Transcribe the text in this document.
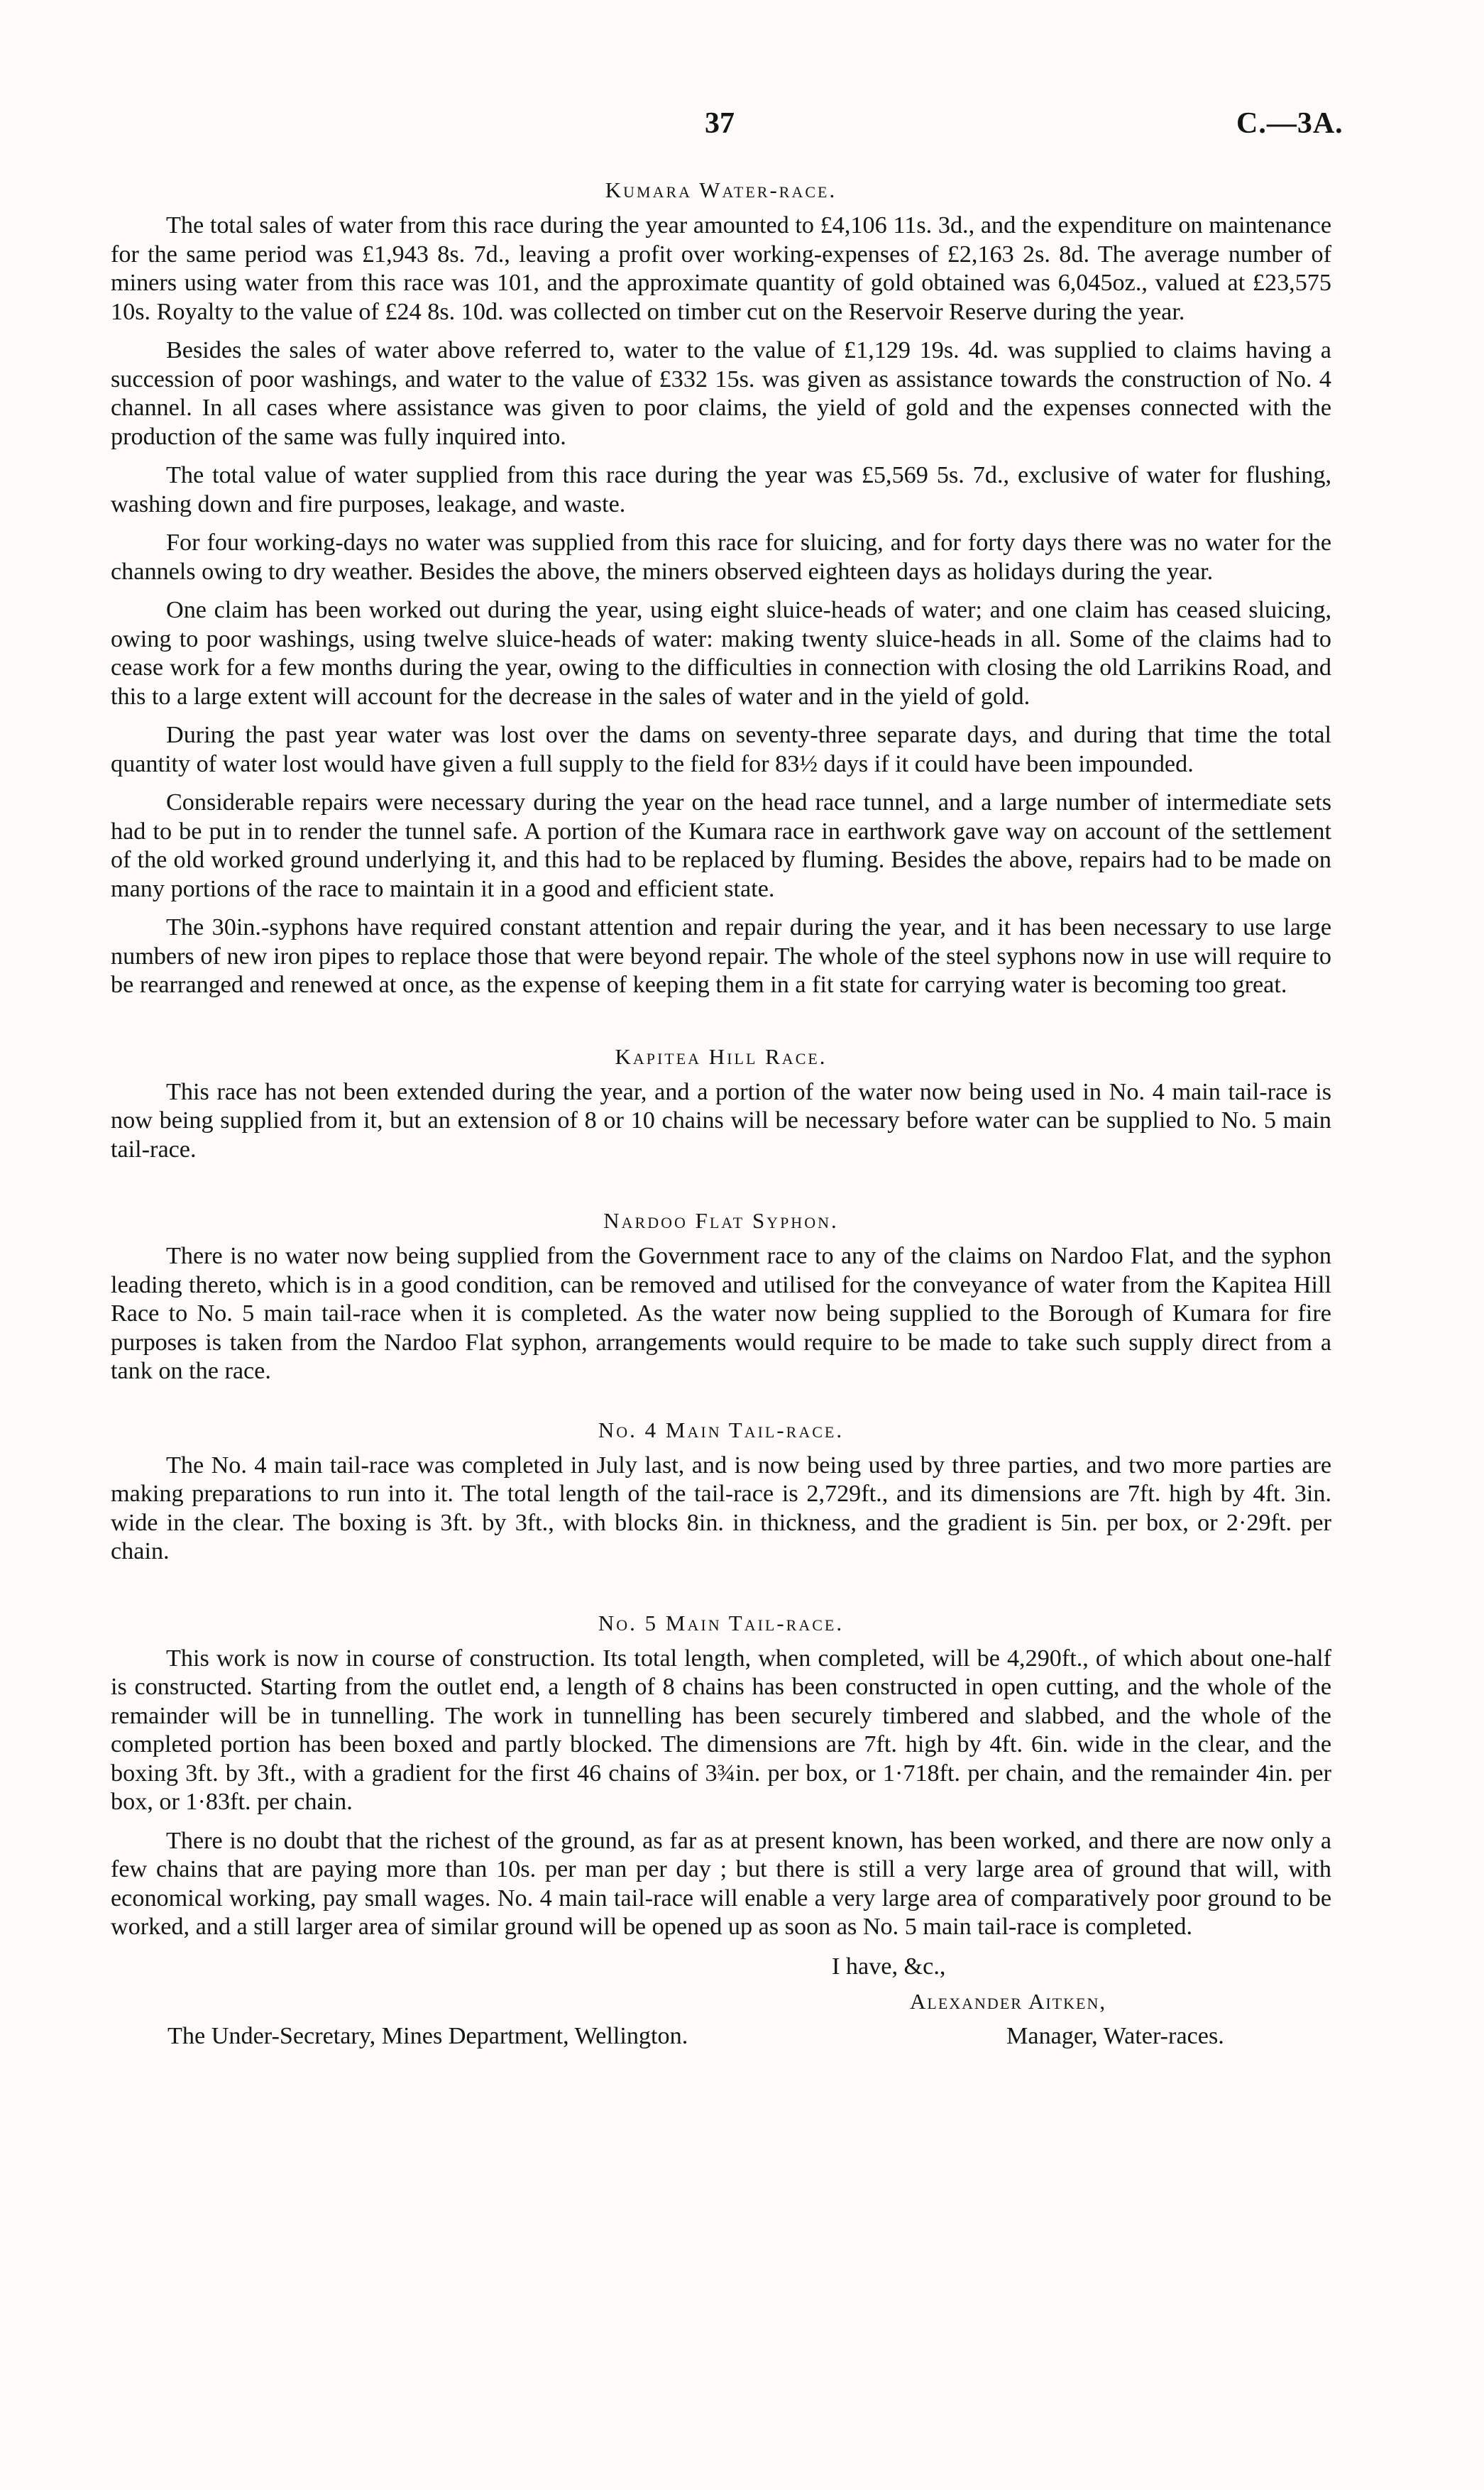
37	C.—3A.
Kumara Water-race.

The total sales of water from this race during the year amounted to £4,106 11s. 3d., and the expenditure on maintenance for the same period was £1,943 8s. 7d., leaving a profit over working-expenses of £2,163 2s. 8d. The average number of miners using water from this race was 101, and the approximate quantity of gold obtained was 6,045oz., valued at £23,575 10s. Royalty to the value of £24 8s. 10d. was collected on timber cut on the Reservoir Reserve during the year.

Besides the sales of water above referred to, water to the value of £1,129 19s. 4d. was supplied to claims having a succession of poor washings, and water to the value of £332 15s. was given as assistance towards the construction of No. 4 channel. In all cases where assistance was given to poor claims, the yield of gold and the expenses connected with the production of the same was fully inquired into.

The total value of water supplied from this race during the year was £5,569 5s. 7d., exclusive of water for flushing, washing down and fire purposes, leakage, and waste.

For four working-days no water was supplied from this race for sluicing, and for forty days there was no water for the channels owing to dry weather. Besides the above, the miners observed eighteen days as holidays during the year.

One claim has been worked out during the year, using eight sluice-heads of water; and one claim has ceased sluicing, owing to poor washings, using twelve sluice-heads of water: making twenty sluice-heads in all. Some of the claims had to cease work for a few months during the year, owing to the difficulties in connection with closing the old Larrikins Road, and this to a large extent will account for the decrease in the sales of water and in the yield of gold.

During the past year water was lost over the dams on seventy-three separate days, and during that time the total quantity of water lost would have given a full supply to the field for 83½ days if it could have been impounded.

Considerable repairs were necessary during the year on the head race tunnel, and a large number of intermediate sets had to be put in to render the tunnel safe. A portion of the Kumara race in earthwork gave way on account of the settlement of the old worked ground underlying it, and this had to be replaced by fluming. Besides the above, repairs had to be made on many portions of the race to maintain it in a good and efficient state.

The 30in.-syphons have required constant attention and repair during the year, and it has been necessary to use large numbers of new iron pipes to replace those that were beyond repair. The whole of the steel syphons now in use will require to be rearranged and renewed at once, as the expense of keeping them in a fit state for carrying water is becoming too great.

Kapitea Hill Race.

This race has not been extended during the year, and a portion of the water now being used in No. 4 main tail-race is now being supplied from it, but an extension of 8 or 10 chains will be necessary before water can be supplied to No. 5 main tail-race.

Nardoo Flat Syphon.

There is no water now being supplied from the Government race to any of the claims on Nardoo Flat, and the syphon leading thereto, which is in a good condition, can be removed and utilised for the conveyance of water from the Kapitea Hill Race to No. 5 main tail-race when it is completed. As the water now being supplied to the Borough of Kumara for fire purposes is taken from the Nardoo Flat syphon, arrangements would require to be made to take such supply direct from a tank on the race.

No. 4 Main Tail-race.

The No. 4 main tail-race was completed in July last, and is now being used by three parties, and two more parties are making preparations to run into it. The total length of the tail-race is 2,729ft., and its dimensions are 7ft. high by 4ft. 3in. wide in the clear. The boxing is 3ft. by 3ft., with blocks 8in. in thickness, and the gradient is 5in. per box, or 2·29ft. per chain.

No. 5 Main Tail-race.

This work is now in course of construction. Its total length, when completed, will be 4,290ft., of which about one-half is constructed. Starting from the outlet end, a length of 8 chains has been constructed in open cutting, and the whole of the remainder will be in tunnelling. The work in tunnelling has been securely timbered and slabbed, and the whole of the completed portion has been boxed and partly blocked. The dimensions are 7ft. high by 4ft. 6in. wide in the clear, and the boxing 3ft. by 3ft., with a gradient for the first 46 chains of 3¾in. per box, or 1·718ft. per chain, and the remainder 4in. per box, or 1·83ft. per chain.

There is no doubt that the richest of the ground, as far as at present known, has been worked, and there are now only a few chains that are paying more than 10s. per man per day ; but there is still a very large area of ground that will, with economical working, pay small wages. No. 4 main tail-race will enable a very large area of comparatively poor ground to be worked, and a still larger area of similar ground will be opened up as soon as No. 5 main tail-race is completed.

I have, &c.,
Alexander Aitken,
The Under-Secretary, Mines Department, Wellington.	Manager, Water-races.
